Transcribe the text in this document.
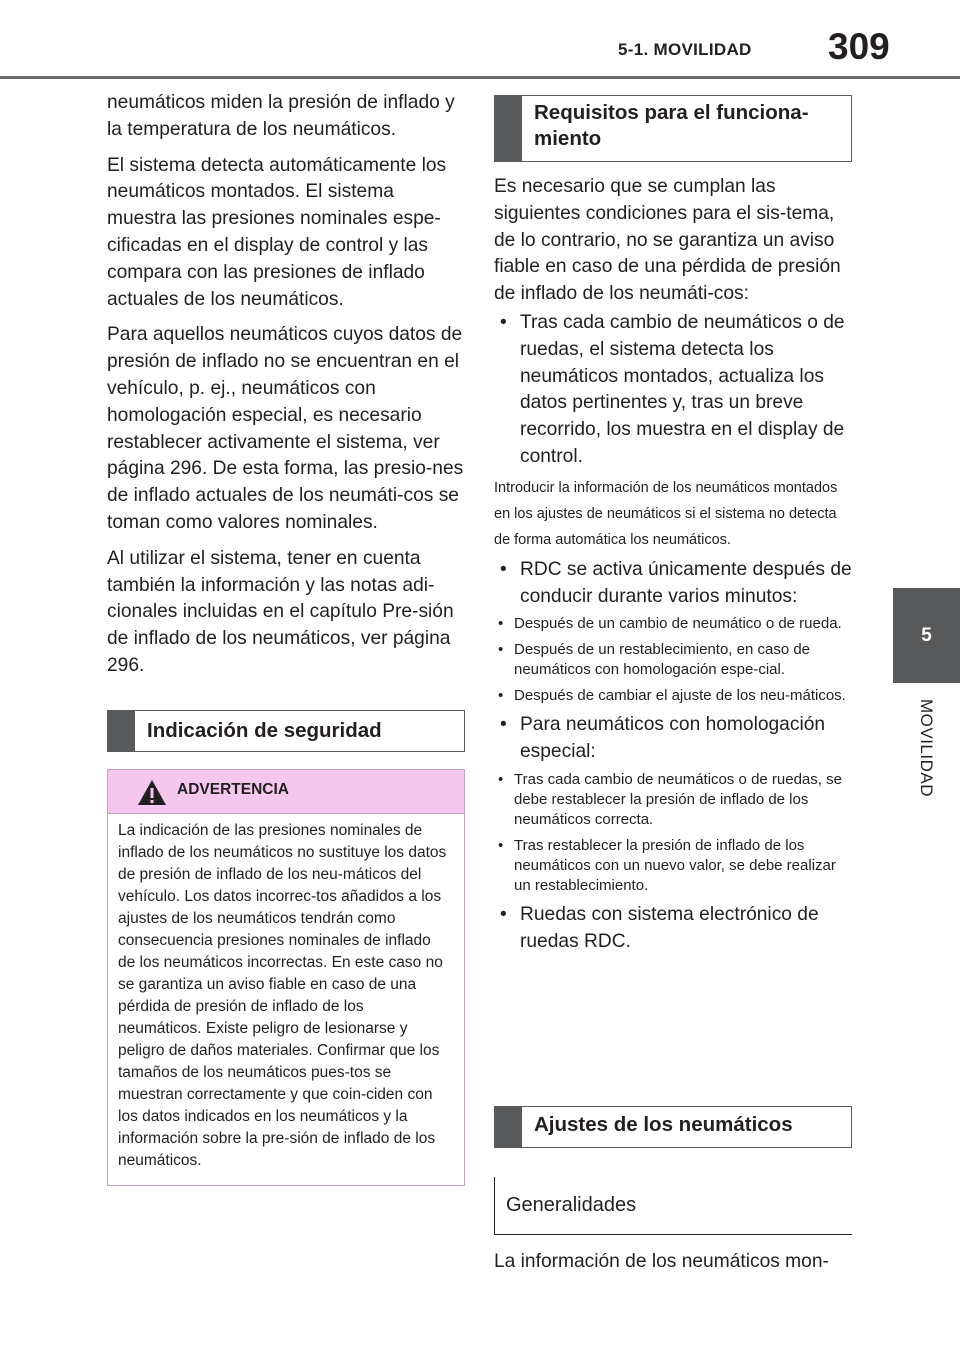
5-1. MOVILIDAD 309
5
MOVILIDAD

neumáticos miden la presión de inflado y la temperatura de los neumáticos.

El sistema detecta automáticamente los neumáticos montados. El sistema muestra las presiones nominales espe-cificadas en el display de control y las compara con las presiones de inflado actuales de los neumáticos.

Para aquellos neumáticos cuyos datos de presión de inflado no se encuentran en el vehículo, p. ej., neumáticos con homologación especial, es necesario restablecer activamente el sistema, ver página 296. De esta forma, las presio-nes de inflado actuales de los neumáti-cos se toman como valores nominales.

Al utilizar el sistema, tener en cuenta también la información y las notas adi-cionales incluidas en el capítulo Pre-sión de inflado de los neumáticos, ver página 296.

Indicación de seguridad
ADVERTENCIA
La indicación de las presiones nominales de inflado de los neumáticos no sustituye los datos de presión de inflado de los neu-máticos del vehículo. Los datos incorrec-tos añadidos a los ajustes de los neumáticos tendrán como consecuencia presiones nominales de inflado de los neumáticos incorrectas. En este caso no se garantiza un aviso fiable en caso de una pérdida de presión de inflado de los neumáticos. Existe peligro de lesionarse y peligro de daños materiales. Confirmar que los tamaños de los neumáticos pues-tos se muestran correctamente y que coin-ciden con los datos indicados en los neumáticos y la información sobre la pre-sión de inflado de los neumáticos.
Requisitos para el funciona-miento

Es necesario que se cumplan las siguientes condiciones para el sis-tema, de lo contrario, no se garantiza un aviso fiable en caso de una pérdida de presión de inflado de los neumáti-cos:

• Tras cada cambio de neumáticos o de ruedas, el sistema detecta los neumáticos montados, actualiza los datos pertinentes y, tras un breve recorrido, los muestra en el display de control.

Introducir la información de los neumáticos montados en los ajustes de neumáticos si el sistema no detecta de forma automática los neumáticos.

• RDC se activa únicamente después de conducir durante varios minutos:
• Después de un cambio de neumático o de rueda.
• Después de un restablecimiento, en caso de neumáticos con homologación espe-cial.
• Después de cambiar el ajuste de los neu-máticos.
• Para neumáticos con homologación especial:
• Tras cada cambio de neumáticos o de ruedas, se debe restablecer la presión de inflado de los neumáticos correcta.
• Tras restablecer la presión de inflado de los neumáticos con un nuevo valor, se debe realizar un restablecimiento.
• Ruedas con sistema electrónico de ruedas RDC.
Ajustes de los neumáticos
Generalidades

La información de los neumáticos mon-
